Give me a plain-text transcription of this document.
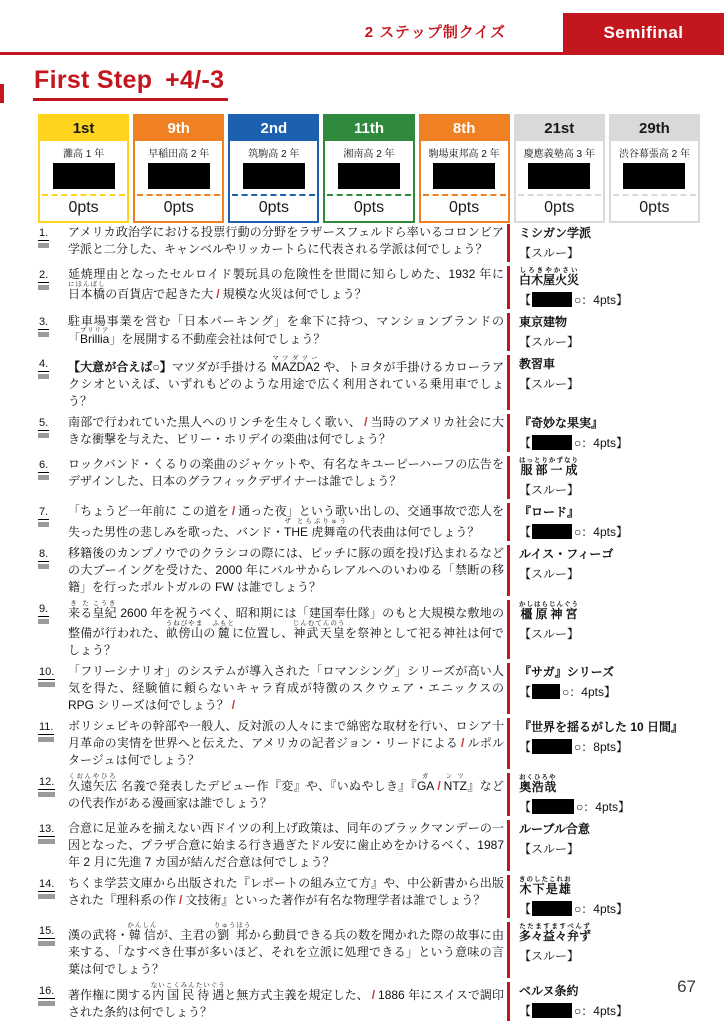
2 ステップ制クイズ	Semifinal
First Step +4/-3
1st
灘高 1 年
0pts
9th
早稲田高 2 年
0pts
2nd
筑駒高 2 年
0pts
11th
湘南高 2 年
0pts
8th
駒場東邦高 2 年
0pts
21st
慶應義塾高 3 年
0pts
29th
渋谷幕張高 2 年
0pts
1. アメリカ政治学における投票行動の分野をラザースフェルドら率いるコロンビア学派と二分した、キャンベルやリッカートらに代表される学派は何でしょう？
ミシガン学派
【スルー】
2. 延焼理由となったセルロイド製玩具の危険性を世間に知らしめた、1932 年に日本橋にほんばしの百貨店で起きた大 / 規模な火災は何でしょう？
白木屋火災しろきやかさい
【	○：4pts】
3. 駐車場事業を営む「日本パーキング」を傘下に持つ、マンションブランドの「Brilliaブリリア」を展開する不動産会社は何でしょう？
東京建物
【スルー】
4. 【大意が合えば○】マツダが手掛ける MAZDA2マツダツー や、トヨタが手掛けるカローラアクシオといえば、いずれもどのような用途で広く利用されている乗用車でしょう？
教習車
【スルー】
5. 南部で行われていた黒人へのリンチを生々しく歌い、 / 当時のアメリカ社会に大きな衝撃を与えた、ビリー・ホリデイの楽曲は何でしょう？
『奇妙な果実』
【	○：4pts】
6. ロックバンド・くるりの楽曲のジャケットや、有名なキユーピーハーフの広告をデザインした、日本のグラフィックデザイナーは誰でしょう？
服部一成はっとりかずなり
【スルー】
7. 「ちょうど一年前に この道を / 通った夜」という歌い出しの、交通事故で恋人を失った男性の悲しみを歌った、バンド・THE 虎舞竜ザ とらぶりゅうの代表曲は何でしょう？
『ロード』
【	○：4pts】
8. 移籍後のカンプノウでのクラシコの際には、ピッチに豚の頭を投げ込まれるなどの大ブーイングを受けた、2000 年にバルサからレアルへのいわゆる「禁断の移籍」を行ったポルトガルの FW は誰でしょう？
ルイス・フィーゴ
【スルー】
9. 来るきた皇紀こうき 2600 年を祝うべく、昭和期には「建国奉仕隊」のもと大規模な敷地の整備が行われた、畝傍山うねびやまの麓ふもとに位置し、神武天皇じんむてんのうを祭神として祀る神社は何でしょう？
橿原神宮かしはらじんぐう
【スルー】
10. 「フリーシナリオ」のシステムが導入された「ロマンシング」シリーズが高い人気を得た、経験値に頼らないキャラ育成が特徴のスクウェア・エニックスの RPG シリーズは何でしょう？ /
『サガ』シリーズ
【	○：4pts】
11. ボリシェビキの幹部や一般人、反対派の人々にまで綿密な取材を行い、ロシア十月革命の実情を世界へと伝えた、アメリカの記者ジョン・リードによる / ルポルタージュは何でしょう？
『世界を揺るがした 10 日間』
【	○：8pts】
12. 久遠矢広くおんやひろ 名義で発表したデビュー作『変』や、『いぬやしき』『GAガ/ NTZンツ』などの代表作がある漫画家は誰でしょう？
奥浩哉おくひろや
【	○：4pts】
13. 合意に足並みを揃えない西ドイツの利上げ政策は、同年のブラックマンデーの一因となった、プラザ合意に始まる行き過ぎたドル安に歯止めをかけるべく、1987 年 2 月に先進 7 カ国が結んだ合意は何でしょう？
ルーブル合意
【スルー】
14. ちくま学芸文庫から出版された『レポートの組み立て方』や、中公新書から出版された『理科系の作 / 文技術』といった著作が有名な物理学者は誰でしょう？
木下是雄きのしたこれお
【	○：4pts】
15. 漢の武将・韓信かんしんが、主君の劉邦りゅうほうから動員できる兵の数を聞かれた際の故事に由来する、「なすべき仕事が多いほど、それを立派に処理できる」という意味の言葉は何でしょう？
多々益々弁ずたたますますべんず
【スルー】
16. 著作権に関する内国民待遇ないこくみんたいぐうと無方式主義を規定した、 / 1886 年にスイスで調印された条約は何でしょう？
ベルヌ条約
【	○：4pts】
67
